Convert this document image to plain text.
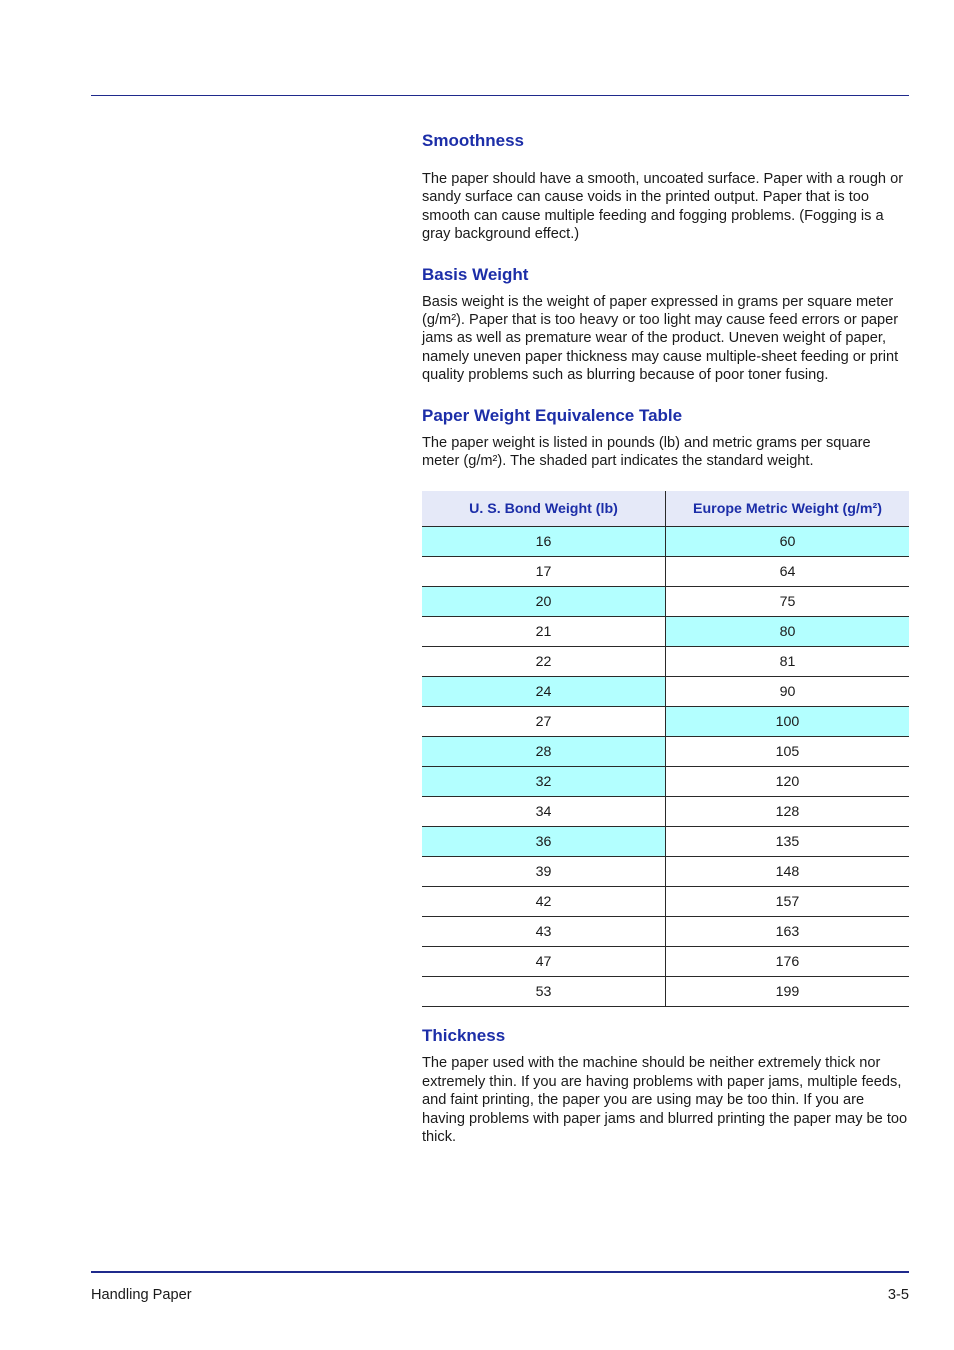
Smoothness

The paper should have a smooth, uncoated surface. Paper with a rough or sandy surface can cause voids in the printed output. Paper that is too smooth can cause multiple feeding and fogging problems. (Fogging is a gray background effect.)

Basis Weight

Basis weight is the weight of paper expressed in grams per square meter (g/m²). Paper that is too heavy or too light may cause feed errors or paper jams as well as premature wear of the product. Uneven weight of paper, namely uneven paper thickness may cause multiple-sheet feeding or print quality problems such as blurring because of poor toner fusing.

Paper Weight Equivalence Table

The paper weight is listed in pounds (lb) and metric grams per square meter (g/m²). The shaded part indicates the standard weight.

U. S. Bond Weight (lb)	Europe Metric Weight (g/m²)
16	60
17	64
20	75
21	80
22	81
24	90
27	100
28	105
32	120
34	128
36	135
39	148
42	157
43	163
47	176
53	199
Thickness

The paper used with the machine should be neither extremely thick nor extremely thin. If you are having problems with paper jams, multiple feeds, and faint printing, the paper you are using may be too thin. If you are having problems with paper jams and blurred printing the paper may be too thick.

Handling Paper	3-5
